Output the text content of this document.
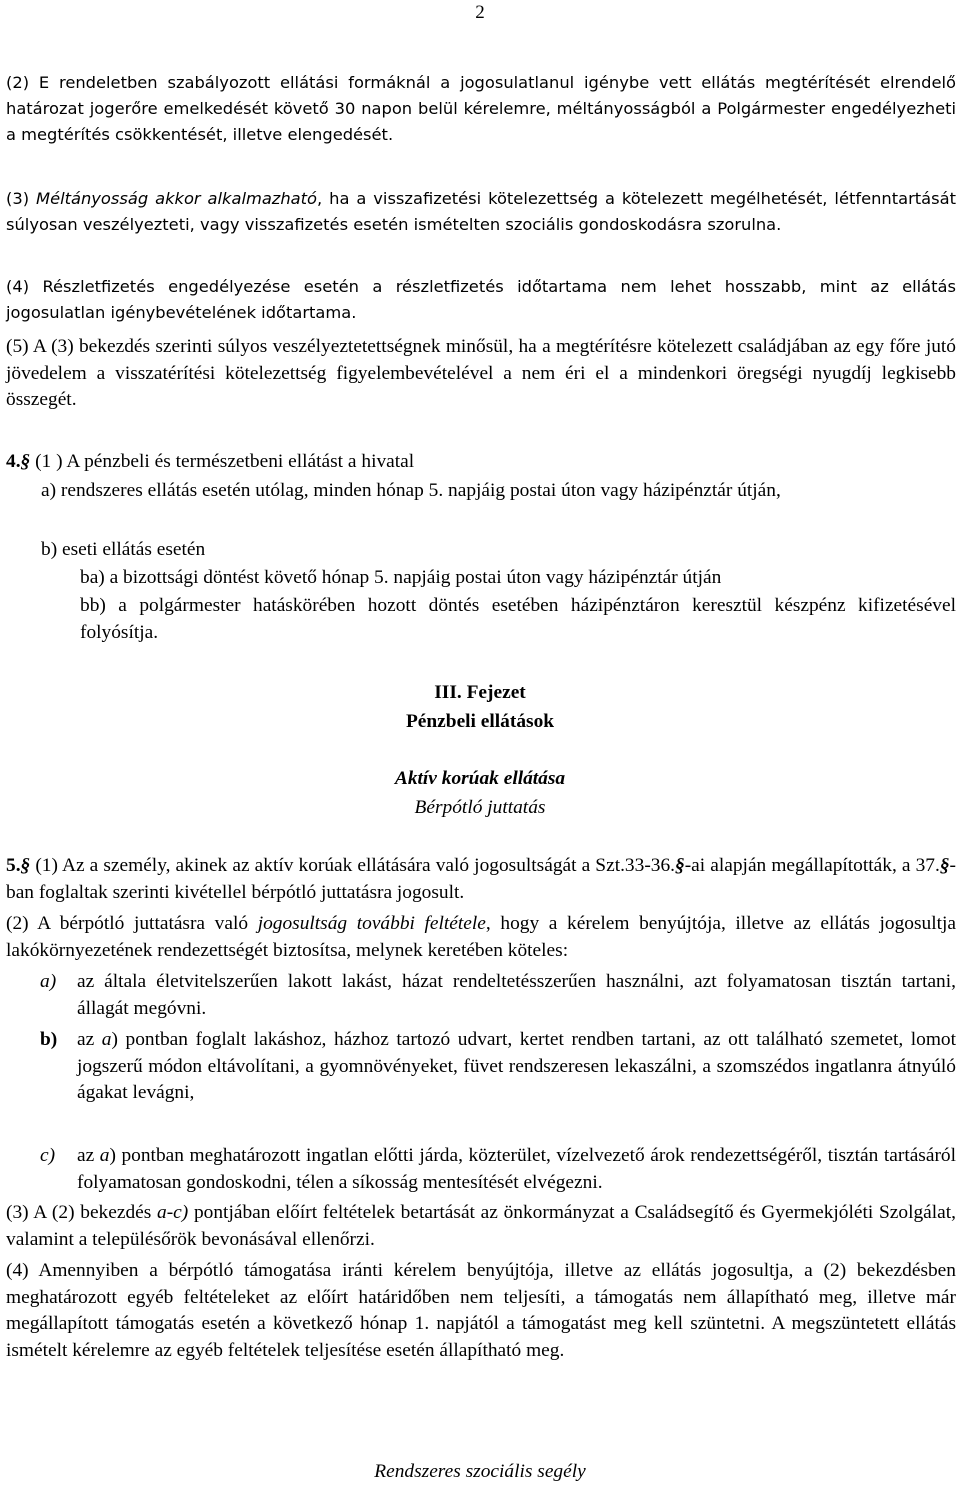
2

(2) E rendeletben szabályozott ellátási formáknál a jogosulatlanul igénybe vett ellátás megtérítését elrendelő határozat jogerőre emelkedését követő 30 napon belül kérelemre, méltányosságból a Polgármester engedélyezheti a megtérítés csökkentését, illetve elengedését.

(3) Méltányosság akkor alkalmazható, ha a visszafizetési kötelezettség a kötelezett megélhetését, létfenntartását súlyosan veszélyezteti, vagy visszafizetés esetén ismételten szociális gondoskodásra szorulna.

(4) Részletfizetés engedélyezése esetén a részletfizetés időtartama nem lehet hosszabb, mint az ellátás jogosulatlan igénybevételének időtartama.

(5) A (3) bekezdés szerinti súlyos veszélyeztetettségnek minősül, ha a megtérítésre kötelezett családjában az egy főre jutó jövedelem a visszatérítési kötelezettség figyelembevételével a nem éri el a mindenkori öregségi nyugdíj legkisebb összegét.

4.§ (1 ) A pénzbeli és természetbeni ellátást a hivatal

a) rendszeres ellátás esetén utólag, minden hónap 5. napjáig postai úton vagy házipénztár útján,

b) eseti ellátás esetén

ba) a bizottsági döntést követő hónap 5. napjáig postai úton vagy házipénztár útján

bb) a polgármester hatáskörében hozott döntés esetében házipénztáron keresztül készpénz kifizetésével folyósítja.

III. Fejezet

Pénzbeli ellátások

Aktív korúak ellátása

Bérpótló juttatás

5.§ (1) Az a személy, akinek az aktív korúak ellátására való jogosultságát a Szt.33-36.§-ai alapján megállapították, a 37.§-ban foglaltak szerinti kivétellel bérpótló juttatásra jogosult.

(2) A bérpótló juttatásra való jogosultság további feltétele, hogy a kérelem benyújtója, illetve az ellátás jogosultja lakókörnyezetének rendezettségét biztosítsa, melynek keretében köteles:

a)	az általa életvitelszerűen lakott lakást, házat rendeltetésszerűen használni, azt folyamatosan tisztán tartani, állagát megóvni.
b)	az a) pontban foglalt lakáshoz, házhoz tartozó udvart, kertet rendben tartani, az ott található szemetet, lomot jogszerű módon eltávolítani, a gyomnövényeket, füvet rendszeresen lekaszálni, a szomszédos ingatlanra átnyúló ágakat levágni,
c)	az a) pontban meghatározott ingatlan előtti járda, közterület, vízelvezető árok rendezettségéről, tisztán tartásáról folyamatosan gondoskodni, télen a síkosság mentesítését elvégezni.

(3) A (2) bekezdés a-c) pontjában előírt feltételek betartását az önkormányzat a Családsegítő és Gyermekjóléti Szolgálat, valamint a településőrök bevonásával ellenőrzi.

(4) Amennyiben a bérpótló támogatása iránti kérelem benyújtója, illetve az ellátás jogosultja, a (2) bekezdésben meghatározott egyéb feltételeket az előírt határidőben nem teljesíti, a támogatás nem állapítható meg, illetve már megállapított támogatás esetén a következő hónap 1. napjától a támogatást meg kell szüntetni. A megszüntetett ellátás ismételt kérelemre az egyéb feltételek teljesítése esetén állapítható meg.

Rendszeres szociális segély
